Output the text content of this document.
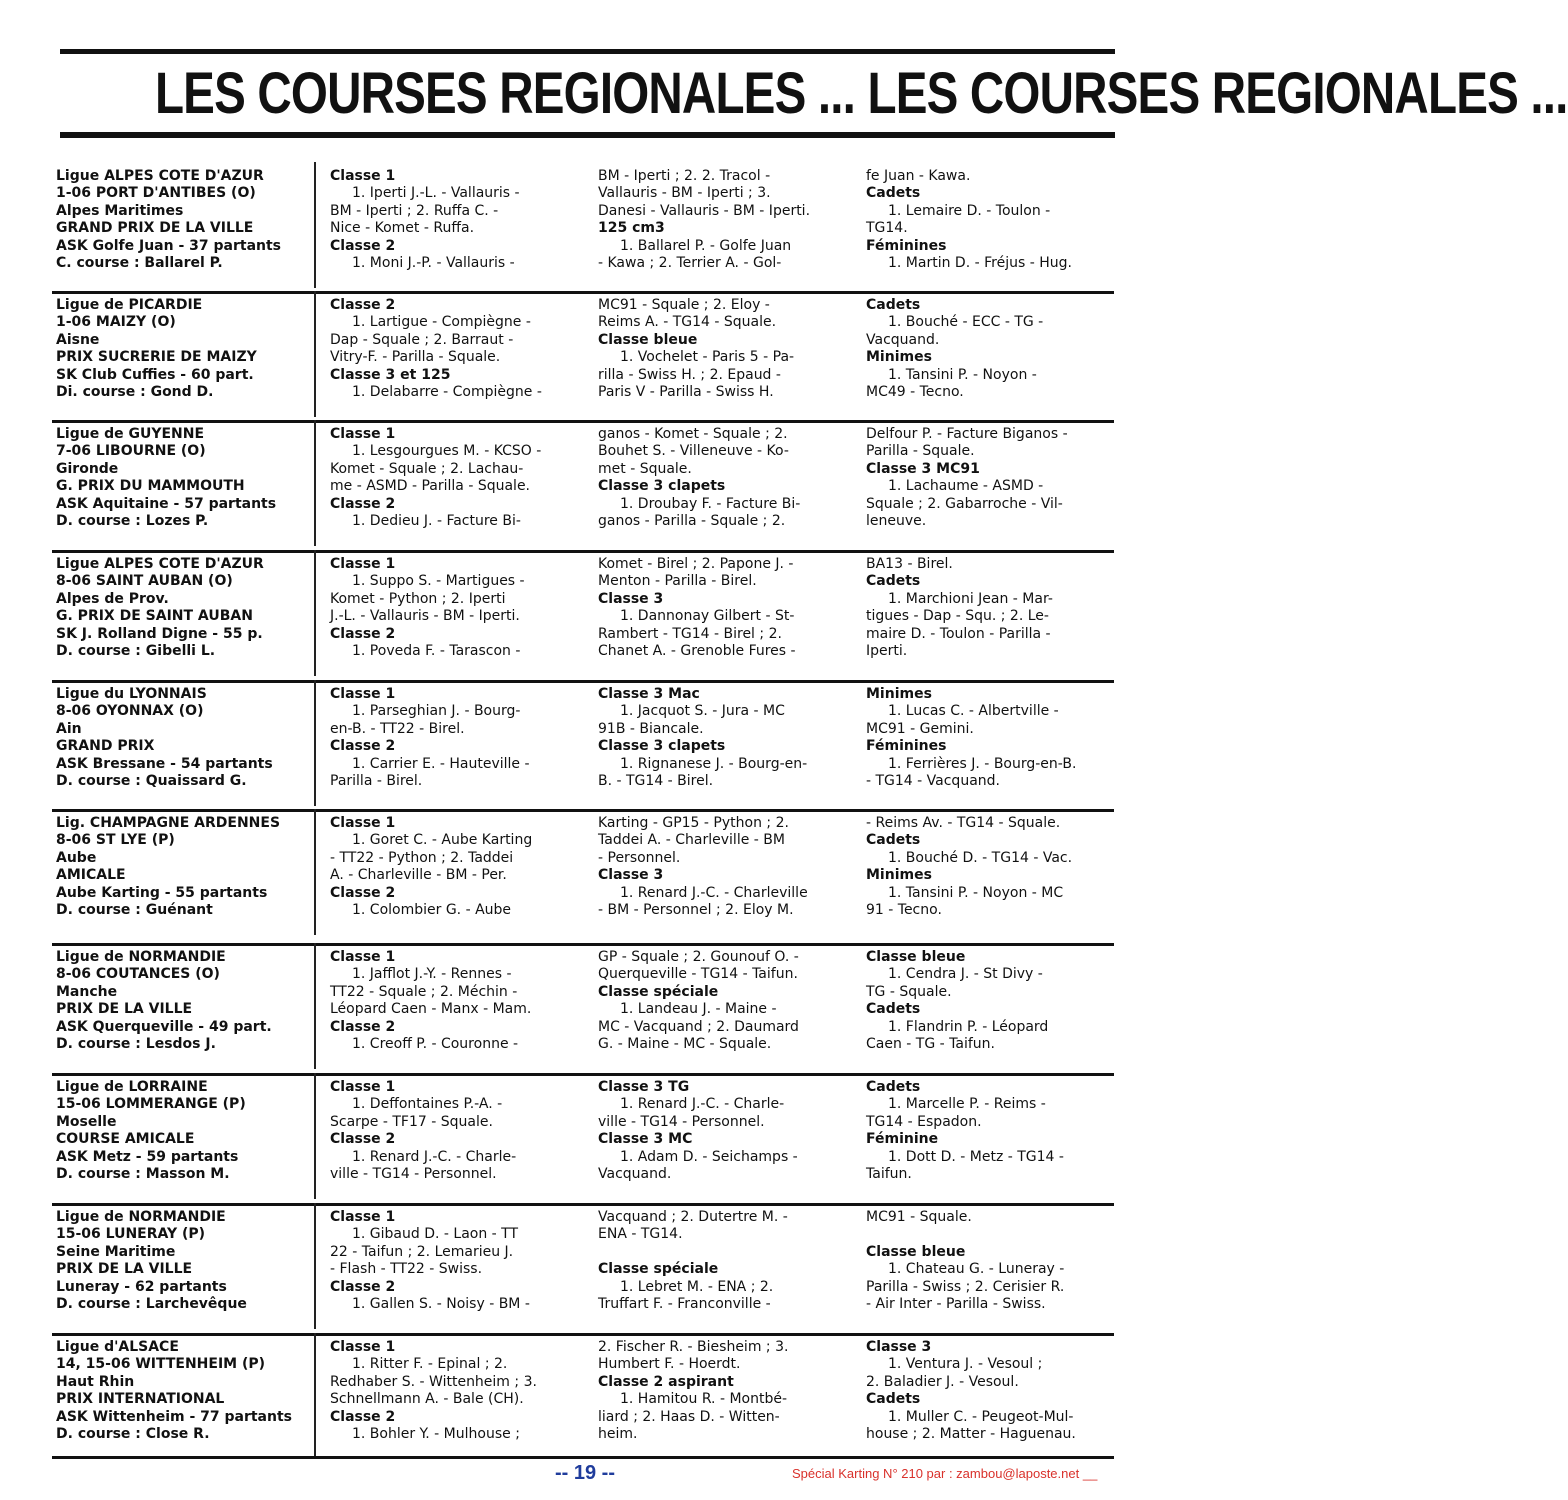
LES COURSES REGIONALES ... LES COURSES REGIONALES ...
Ligue ALPES COTE D'AZUR
1-06 PORT D'ANTIBES (O)
Alpes Maritimes
GRAND PRIX DE LA VILLE
ASK Golfe Juan - 37 partants
C. course : Ballarel P.
Classe 1
1. Iperti J.-L. - Vallauris -
BM - Iperti ; 2. Ruffa C. -
Nice - Komet - Ruffa.
Classe 2
1. Moni J.-P. - Vallauris -
BM - Iperti ; 2. 2. Tracol -
Vallauris - BM - Iperti ; 3.
Danesi - Vallauris - BM - Iperti.
125 cm3
1. Ballarel P. - Golfe Juan
- Kawa ; 2. Terrier A. - Gol-
fe Juan - Kawa.
Cadets
1. Lemaire D. - Toulon -
TG14.
Féminines
1. Martin D. - Fréjus - Hug.
Ligue de PICARDIE
1-06 MAIZY (O)
Aisne
PRIX SUCRERIE DE MAIZY
SK Club Cuffies - 60 part.
Di. course : Gond D.
Classe 2
1. Lartigue - Compiègne -
Dap - Squale ; 2. Barraut -
Vitry-F. - Parilla - Squale.
Classe 3 et 125
1. Delabarre - Compiègne -
MC91 - Squale ; 2. Eloy -
Reims A. - TG14 - Squale.
Classe bleue
1. Vochelet - Paris 5 - Pa-
rilla - Swiss H. ; 2. Epaud -
Paris V - Parilla - Swiss H.
Cadets
1. Bouché - ECC - TG -
Vacquand.
Minimes
1. Tansini P. - Noyon -
MC49 - Tecno.
Ligue de GUYENNE
7-06 LIBOURNE (O)
Gironde
G. PRIX DU MAMMOUTH
ASK Aquitaine - 57 partants
D. course : Lozes P.
Classe 1
1. Lesgourgues M. - KCSO -
Komet - Squale ; 2. Lachau-
me - ASMD - Parilla - Squale.
Classe 2
1. Dedieu J. - Facture Bi-
ganos - Komet - Squale ; 2.
Bouhet S. - Villeneuve - Ko-
met - Squale.
Classe 3 clapets
1. Droubay F. - Facture Bi-
ganos - Parilla - Squale ; 2.
Delfour P. - Facture Biganos -
Parilla - Squale.
Classe 3 MC91
1. Lachaume - ASMD -
Squale ; 2. Gabarroche - Vil-
leneuve.
Ligue ALPES COTE D'AZUR
8-06 SAINT AUBAN (O)
Alpes de Prov.
G. PRIX DE SAINT AUBAN
SK J. Rolland Digne - 55 p.
D. course : Gibelli L.
Classe 1
1. Suppo S. - Martigues -
Komet - Python ; 2. Iperti
J.-L. - Vallauris - BM - Iperti.
Classe 2
1. Poveda F. - Tarascon -
Komet - Birel ; 2. Papone J. -
Menton - Parilla - Birel.
Classe 3
1. Dannonay Gilbert - St-
Rambert - TG14 - Birel ; 2.
Chanet A. - Grenoble Fures -
BA13 - Birel.
Cadets
1. Marchioni Jean - Mar-
tigues - Dap - Squ. ; 2. Le-
maire D. - Toulon - Parilla -
Iperti.
Ligue du LYONNAIS
8-06 OYONNAX (O)
Ain
GRAND PRIX
ASK Bressane - 54 partants
D. course : Quaissard G.
Classe 1
1. Parseghian J. - Bourg-
en-B. - TT22 - Birel.
Classe 2
1. Carrier E. - Hauteville -
Parilla - Birel.
Classe 3 Mac
1. Jacquot S. - Jura - MC
91B - Biancale.
Classe 3 clapets
1. Rignanese J. - Bourg-en-
B. - TG14 - Birel.
Minimes
1. Lucas C. - Albertville -
MC91 - Gemini.
Féminines
1. Ferrières J. - Bourg-en-B.
- TG14 - Vacquand.
Lig. CHAMPAGNE ARDENNES
8-06 ST LYE (P)
Aube
AMICALE
Aube Karting - 55 partants
D. course : Guénant
Classe 1
1. Goret C. - Aube Karting
- TT22 - Python ; 2. Taddei
A. - Charleville - BM - Per.
Classe 2
1. Colombier G. - Aube
Karting - GP15 - Python ; 2.
Taddei A. - Charleville - BM
- Personnel.
Classe 3
1. Renard J.-C. - Charleville
- BM - Personnel ; 2. Eloy M.
- Reims Av. - TG14 - Squale.
Cadets
1. Bouché D. - TG14 - Vac.
Minimes
1. Tansini P. - Noyon - MC
91 - Tecno.
Ligue de NORMANDIE
8-06 COUTANCES (O)
Manche
PRIX DE LA VILLE
ASK Querqueville - 49 part.
D. course : Lesdos J.
Classe 1
1. Jafflot J.-Y. - Rennes -
TT22 - Squale ; 2. Méchin -
Léopard Caen - Manx - Mam.
Classe 2
1. Creoff P. - Couronne -
GP - Squale ; 2. Gounouf O. -
Querqueville - TG14 - Taifun.
Classe spéciale
1. Landeau J. - Maine -
MC - Vacquand ; 2. Daumard
G. - Maine - MC - Squale.
Classe bleue
1. Cendra J. - St Divy -
TG - Squale.
Cadets
1. Flandrin P. - Léopard
Caen - TG - Taifun.
Ligue de LORRAINE
15-06 LOMMERANGE (P)
Moselle
COURSE AMICALE
ASK Metz - 59 partants
D. course : Masson M.
Classe 1
1. Deffontaines P.-A. -
Scarpe - TF17 - Squale.
Classe 2
1. Renard J.-C. - Charle-
ville - TG14 - Personnel.
Classe 3 TG
1. Renard J.-C. - Charle-
ville - TG14 - Personnel.
Classe 3 MC
1. Adam D. - Seichamps -
Vacquand.
Cadets
1. Marcelle P. - Reims -
TG14 - Espadon.
Féminine
1. Dott D. - Metz - TG14 -
Taifun.
Ligue de NORMANDIE
15-06 LUNERAY (P)
Seine Maritime
PRIX DE LA VILLE
Luneray - 62 partants
D. course : Larchevêque
Classe 1
1. Gibaud D. - Laon - TT
22 - Taifun ; 2. Lemarieu J.
- Flash - TT22 - Swiss.
Classe 2
1. Gallen S. - Noisy - BM -
Vacquand ; 2. Dutertre M. -
ENA - TG14.

Classe spéciale
1. Lebret M. - ENA ; 2.
Truffart F. - Franconville -
MC91 - Squale.

Classe bleue
1. Chateau G. - Luneray -
Parilla - Swiss ; 2. Cerisier R.
- Air Inter - Parilla - Swiss.
Ligue d'ALSACE
14, 15-06 WITTENHEIM (P)
Haut Rhin
PRIX INTERNATIONAL
ASK Wittenheim - 77 partants
D. course : Close R.
Classe 1
1. Ritter F. - Epinal ; 2.
Redhaber S. - Wittenheim ; 3.
Schnellmann A. - Bale (CH).
Classe 2
1. Bohler Y. - Mulhouse ;
2. Fischer R. - Biesheim ; 3.
Humbert F. - Hoerdt.
Classe 2 aspirant
1. Hamitou R. - Montbé-
liard ; 2. Haas D. - Witten-
heim.
Classe 3
1. Ventura J. - Vesoul ;
2. Baladier J. - Vesoul.
Cadets
1. Muller C. - Peugeot-Mul-
house ; 2. Matter - Haguenau.
-- 19 --	Spécial Karting N° 210 par : zambou@laposte.net __
